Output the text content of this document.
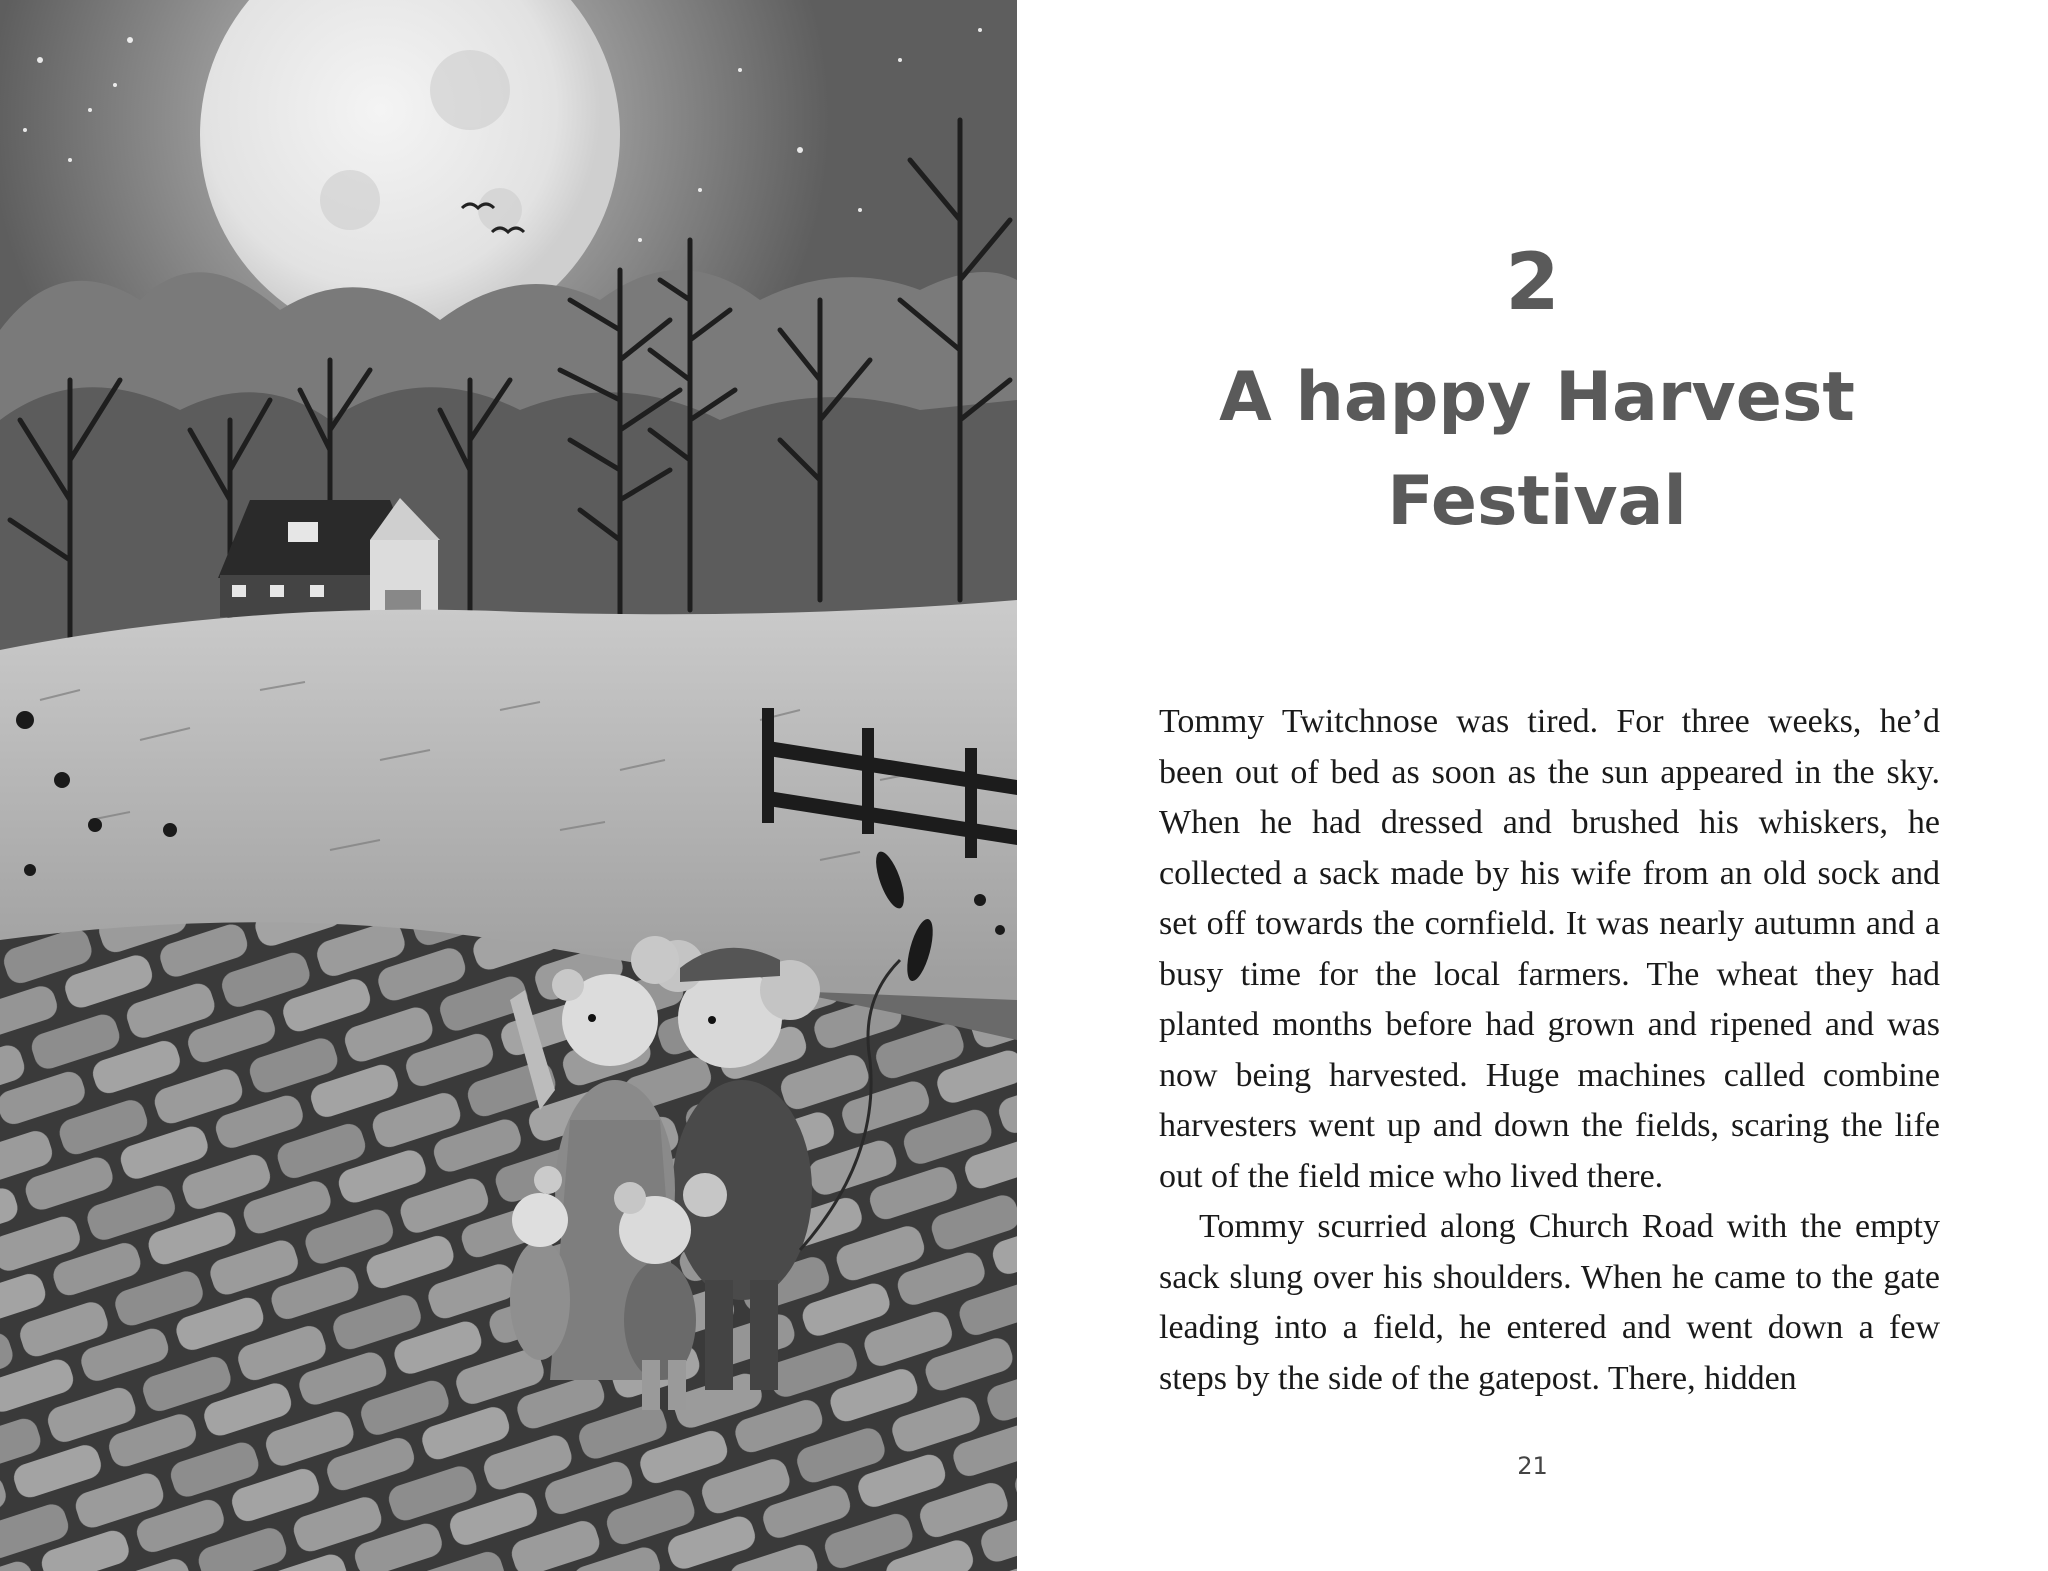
2
A happy Harvest Festival

Tommy Twitchnose was tired. For three weeks, he’d been out of bed as soon as the sun appeared in the sky. When he had dressed and brushed his whiskers, he collected a sack made by his wife from an old sock and set off towards the cornfield. It was nearly autumn and a busy time for the local farmers. The wheat they had planted months before had grown and ripened and was now being harvested. Huge machines called combine harvesters went up and down the fields, scaring the life out of the field mice who lived there.

Tommy scurried along Church Road with the empty sack slung over his shoulders. When he came to the gate leading into a field, he entered and went down a few steps by the side of the gatepost. There, hidden

21
